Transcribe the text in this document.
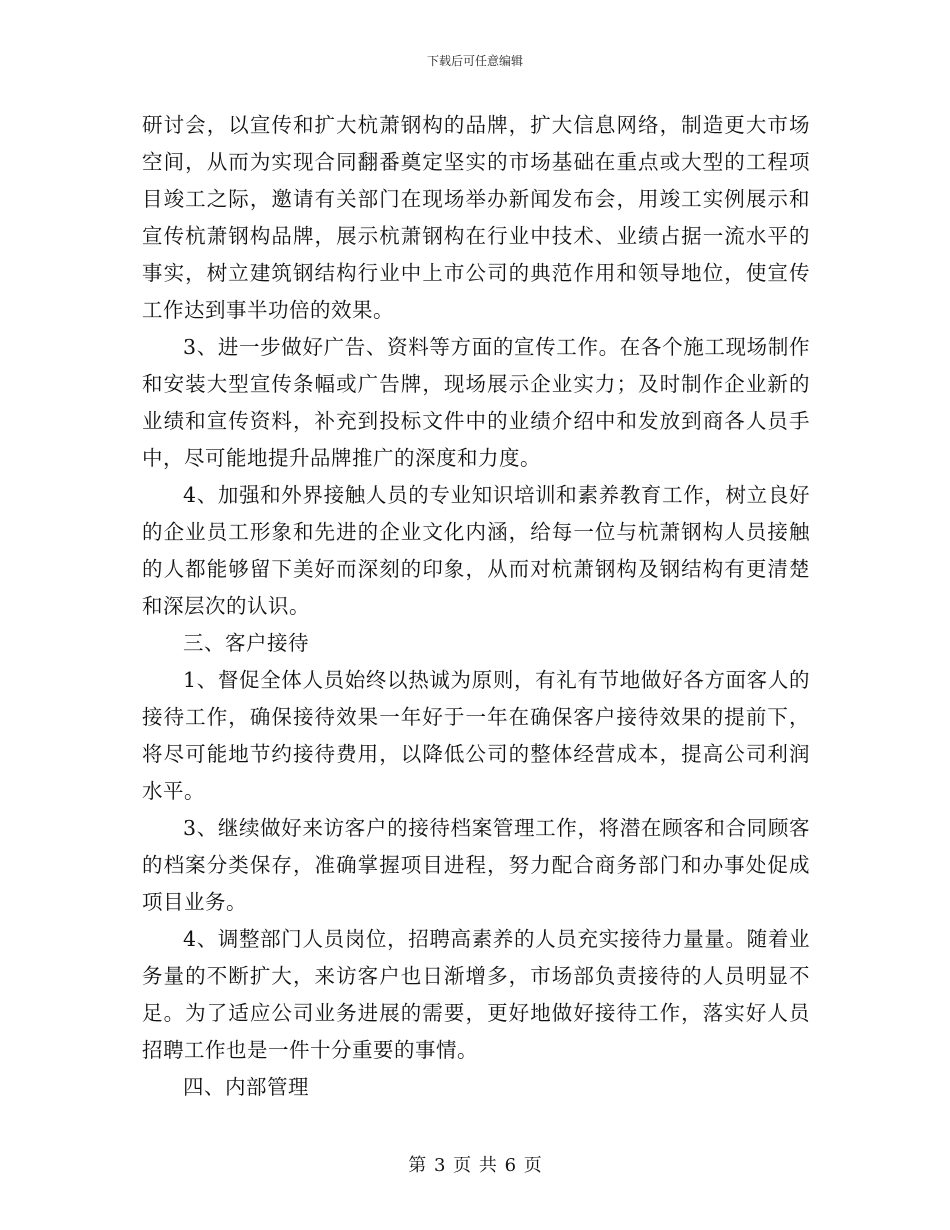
下载后可任意编辑

研讨会，以宣传和扩大杭萧钢构的品牌，扩大信息网络，制造更大市场空间，从而为实现合同翻番奠定坚实的市场基础在重点或大型的工程项目竣工之际，邀请有关部门在现场举办新闻发布会，用竣工实例展示和宣传杭萧钢构品牌，展示杭萧钢构在行业中技术、业绩占据一流水平的事实，树立建筑钢结构行业中上市公司的典范作用和领导地位，使宣传工作达到事半功倍的效果。

3、进一步做好广告、资料等方面的宣传工作。在各个施工现场制作和安装大型宣传条幅或广告牌，现场展示企业实力；及时制作企业新的业绩和宣传资料，补充到投标文件中的业绩介绍中和发放到商各人员手中，尽可能地提升品牌推广的深度和力度。

4、加强和外界接触人员的专业知识培训和素养教育工作，树立良好的企业员工形象和先进的企业文化内涵，给每一位与杭萧钢构人员接触的人都能够留下美好而深刻的印象，从而对杭萧钢构及钢结构有更清楚和深层次的认识。

三、客户接待

1、督促全体人员始终以热诚为原则，有礼有节地做好各方面客人的接待工作，确保接待效果一年好于一年在确保客户接待效果的提前下，将尽可能地节约接待费用，以降低公司的整体经营成本，提高公司利润水平。

3、继续做好来访客户的接待档案管理工作，将潜在顾客和合同顾客的档案分类保存，准确掌握项目进程，努力配合商务部门和办事处促成项目业务。

4、调整部门人员岗位，招聘高素养的人员充实接待力量量。随着业务量的不断扩大，来访客户也日渐增多，市场部负责接待的人员明显不足。为了适应公司业务进展的需要，更好地做好接待工作，落实好人员招聘工作也是一件十分重要的事情。

四、内部管理

第 3 页 共 6 页
